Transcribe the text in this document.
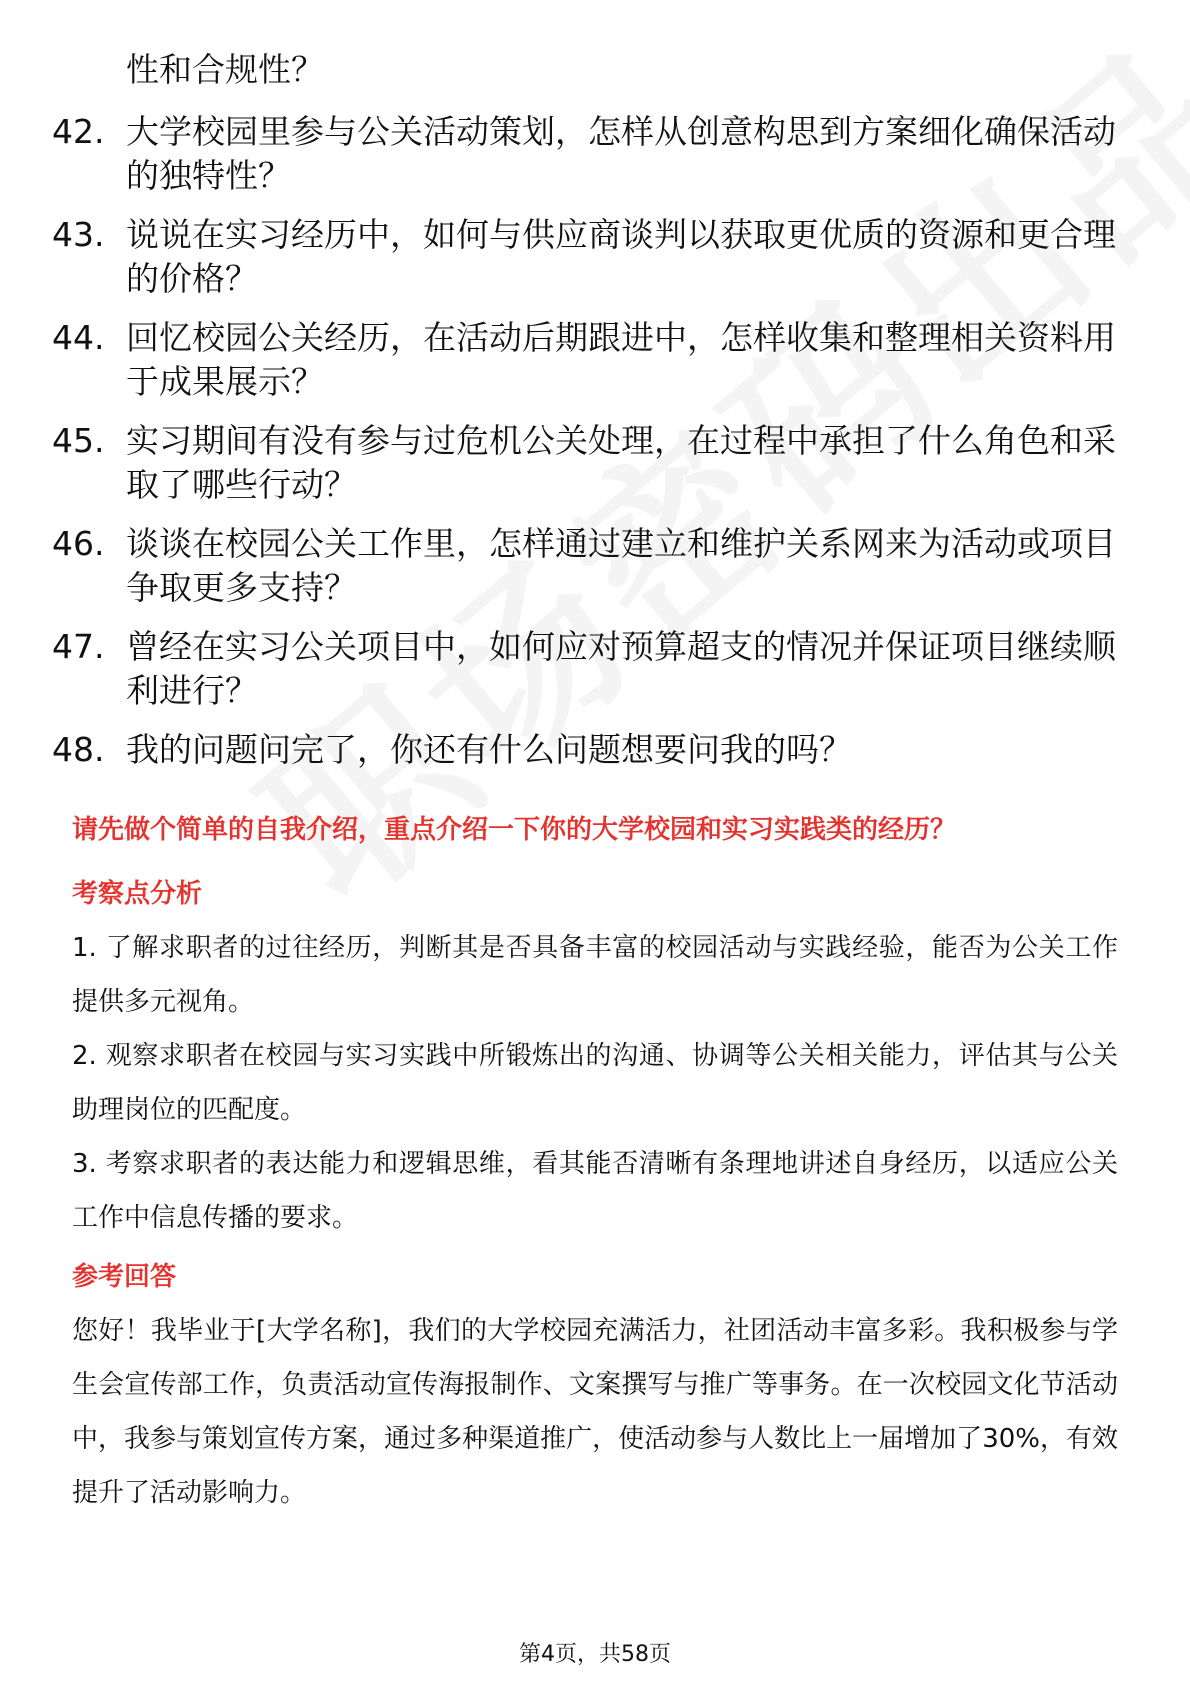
性和合规性？

42. 大学校园里参与公关活动策划，怎样从创意构思到方案细化确保活动的独特性？
43. 说说在实习经历中，如何与供应商谈判以获取更优质的资源和更合理的价格？
44. 回忆校园公关经历，在活动后期跟进中，怎样收集和整理相关资料用于成果展示？
45. 实习期间有没有参与过危机公关处理，在过程中承担了什么角色和采取了哪些行动？
46. 谈谈在校园公关工作里，怎样通过建立和维护关系网来为活动或项目争取更多支持？
47. 曾经在实习公关项目中，如何应对预算超支的情况并保证项目继续顺利进行？
48. 我的问题问完了，你还有什么问题想要问我的吗？

请先做个简单的自我介绍，重点介绍一下你的大学校园和实习实践类的经历？

考察点分析

1. 了解求职者的过往经历，判断其是否具备丰富的校园活动与实践经验，能否为公关工作提供多元视角。

2. 观察求职者在校园与实习实践中所锻炼出的沟通、协调等公关相关能力，评估其与公关助理岗位的匹配度。

3. 考察求职者的表达能力和逻辑思维，看其能否清晰有条理地讲述自身经历，以适应公关工作中信息传播的要求。

参考回答

您好！我毕业于[大学名称]，我们的大学校园充满活力，社团活动丰富多彩。我积极参与学生会宣传部工作，负责活动宣传海报制作、文案撰写与推广等事务。在一次校园文化节活动中，我参与策划宣传方案，通过多种渠道推广，使活动参与人数比上一届增加了30%，有效提升了活动影响力。

第4页，共58页
